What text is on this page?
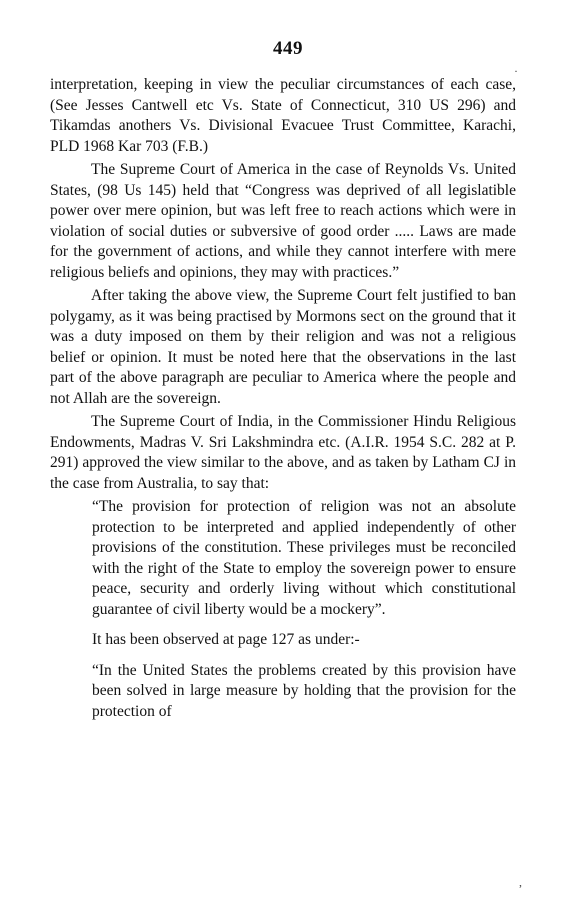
449
·

interpretation, keeping in view the peculiar circumstances of each case, (See Jesses Cantwell etc Vs. State of Connecticut, 310 US 296) and Tikamdas anothers Vs. Divisional Evacuee Trust Committee, Karachi, PLD 1968 Kar 703 (F.B.)

The Supreme Court of America in the case of Reynolds Vs. United States, (98 Us 145) held that “Congress was deprived of all legislatible power over mere opinion, but was left free to reach actions which were in violation of social duties or subversive of good order ..... Laws are made for the government of actions, and while they cannot interfere with mere religious beliefs and opinions, they may with practices.”

After taking the above view, the Supreme Court felt justified to ban polygamy, as it was being practised by Mormons sect on the ground that it was a duty imposed on them by their religion and was not a religious belief or opinion. It must be noted here that the observations in the last part of the above paragraph are peculiar to America where the people and not Allah are the sovereign.

The Supreme Court of India, in the Commissioner Hindu Religious Endowments, Madras V. Sri Lakshmindra etc. (A.I.R. 1954 S.C. 282 at P. 291) approved the view similar to the above, and as taken by Latham CJ in the case from Australia, to say that:

“The provision for protection of religion was not an absolute protection to be interpreted and applied independently of other provisions of the constitution. These privileges must be reconciled with the right of the State to employ the sovereign power to ensure peace, security and orderly living without which constitutional guarantee of civil liberty would be a mockery”.

It has been observed at page 127 as under:-

“In the United States the problems created by this provision have been solved in large measure by holding that the provision for the protection of

,
